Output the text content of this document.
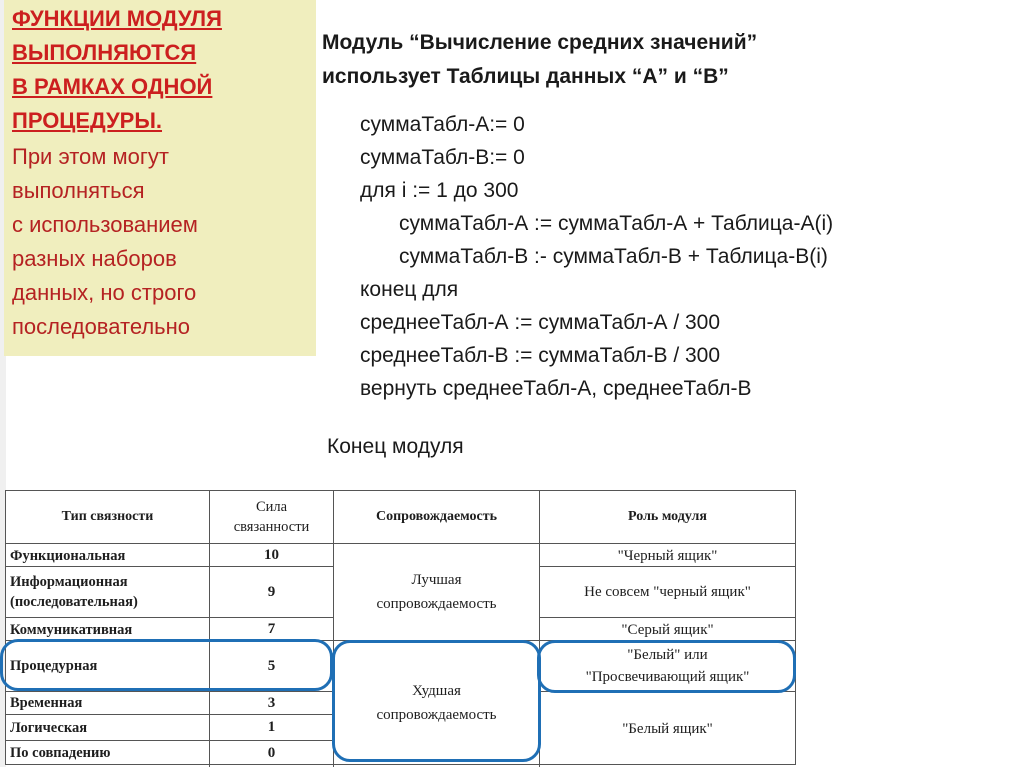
ФУНКЦИИ МОДУЛЯ
ВЫПОЛНЯЮТСЯ
В РАМКАХ ОДНОЙ
ПРОЦЕДУРЫ.
При этом могут
выполняться
с использованием
разных наборов
данных, но строго
последовательно
Модуль “Вычисление средних значений”
использует Таблицы данных “А” и “В”
суммаТабл-А:= 0
суммаТабл-В:= 0
для i := 1 до 300
суммаТабл-А := суммаТабл-А + Таблица-А(i)
суммаТабл-В :- суммаТабл-В + Таблица-В(i)
конец для
среднееТабл-А := суммаТабл-А / 300
среднееТабл-В := суммаТабл-В / 300
вернуть среднееТабл-А, среднееТабл-В
Конец модуля
Тип связности
Сила
связанности
Сопровождаемость	Роль модуля
Функциональная
Информационная
(последовательная)
Коммуникативная
Процедурная
Временная
Логическая
По совпадению
10
9
7
5
3
1
0
Лучшая
сопровождаемость
Худшая
сопровождаемость
"Черный ящик"
Не совсем "черный ящик"
"Серый ящик"
"Белый" или
"Просвечивающий ящик"
"Белый ящик"
